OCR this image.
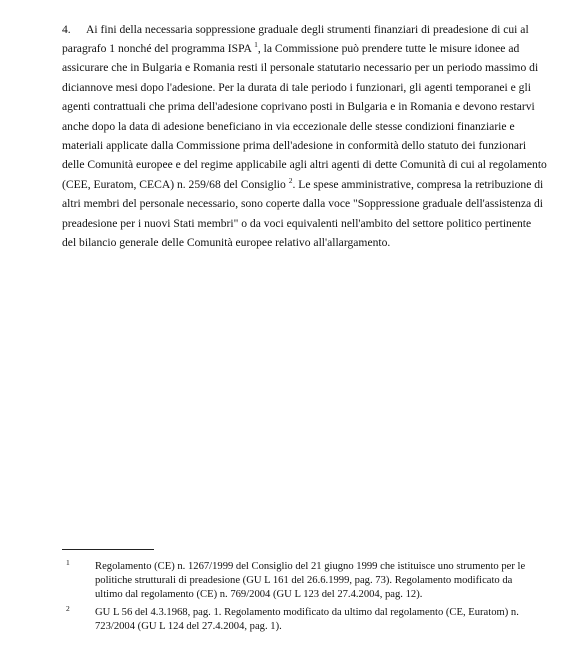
4. Ai fini della necessaria soppressione graduale degli strumenti finanziari di preadesione di cui al paragrafo 1 nonché del programma ISPA $^1$, la Commissione può prendere tutte le misure idonee ad assicurare che in Bulgaria e Romania resti il personale statutario necessario per un periodo massimo di diciannove mesi dopo l'adesione. Per la durata di tale periodo i funzionari, gli agenti temporanei e gli agenti contrattuali che prima dell'adesione coprivano posti in Bulgaria e in Romania e devono restarvi anche dopo la data di adesione beneficiano in via eccezionale delle stesse condizioni finanziarie e materiali applicate dalla Commissione prima dell'adesione in conformità dello statuto dei funzionari delle Comunità europee e del regime applicabile agli altri agenti di dette Comunità di cui al regolamento (CEE, Euratom, CECA) n. 259/68 del Consiglio $^2$. Le spese amministrative, compresa la retribuzione di altri membri del personale necessario, sono coperte dalla voce "Soppressione graduale dell'assistenza di preadesione per i nuovi Stati membri" o da voci equivalenti nell'ambito del settore politico pertinente del bilancio generale delle Comunità europee relativo all'allargamento.

1 Regolamento (CE) n. 1267/1999 del Consiglio del 21 giugno 1999 che istituisce uno strumento per le politiche strutturali di preadesione (GU L 161 del 26.6.1999, pag. 73). Regolamento modificato da ultimo dal regolamento (CE) n. 769/2004 (GU L 123 del 27.4.2004, pag. 12).

2 GU L 56 del 4.3.1968, pag. 1. Regolamento modificato da ultimo dal regolamento (CE, Euratom) n. 723/2004 (GU L 124 del 27.4.2004, pag. 1).
